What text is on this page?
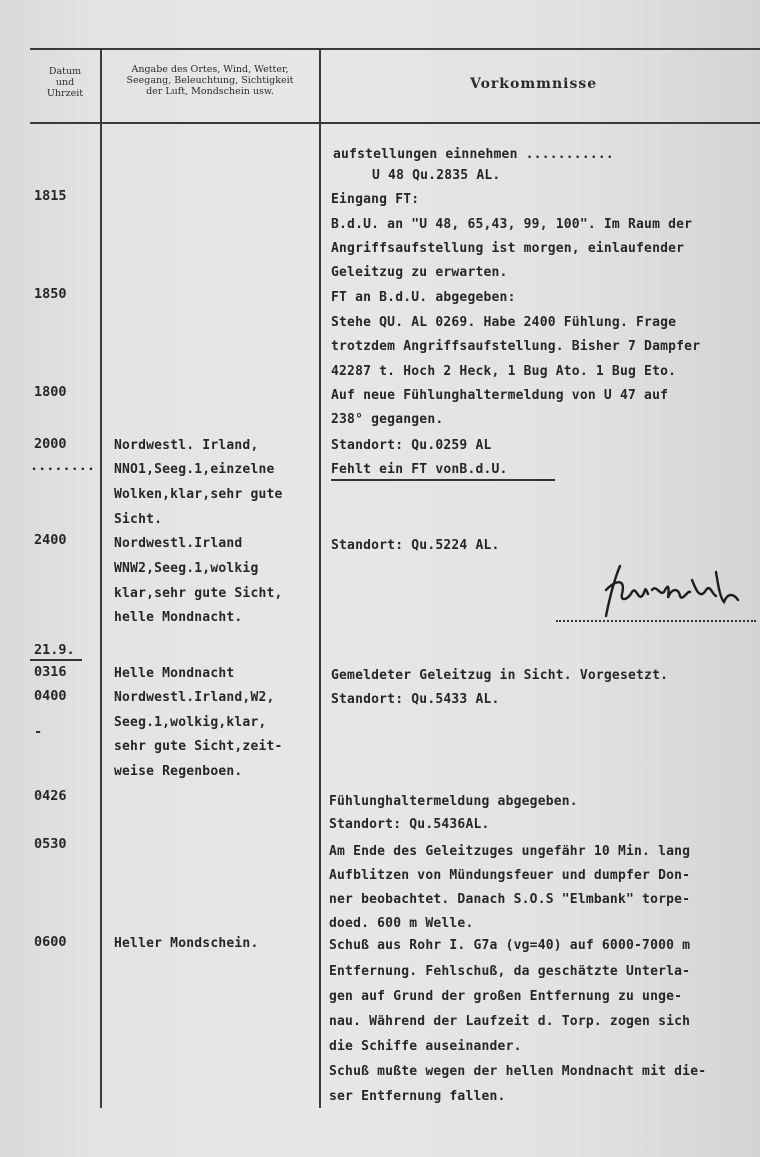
Datum
und
Uhrzeit
Angabe des Ortes, Wind, Wetter,
Seegang, Beleuchtung, Sichtigkeit
der Luft, Mondschein usw.	Vorkommnisse
1815
1850
1800
2000
........
2400
21.9.
0316
0400
-
0426
0530
0600
Nordwestl. Irland,
NNO1,Seeg.1,einzelne
Wolken,klar,sehr gute
Sicht.
Nordwestl.Irland
WNW2,Seeg.1,wolkig
klar,sehr gute Sicht,
helle Mondnacht.
Helle Mondnacht
Nordwestl.Irland,W2,
Seeg.1,wolkig,klar,
sehr gute Sicht,zeit-
weise Regenboen.
Heller Mondschein.
aufstellungen einnehmen ...........
U 48 Qu.2835 AL.
Eingang FT:
B.d.U. an "U 48, 65,43, 99, 100". Im Raum der
Angriffsaufstellung ist morgen, einlaufender
Geleitzug zu erwarten.
FT an B.d.U. abgegeben:
Stehe QU. AL 0269. Habe 2400 Fühlung. Frage
trotzdem Angriffsaufstellung. Bisher 7 Dampfer
42287 t. Hoch 2 Heck, 1 Bug Ato. 1 Bug Eto.
Auf neue Fühlunghaltermeldung von U 47 auf
238° gegangen.
Standort: Qu.0259 AL
Fehlt ein FT vonB.d.U.
Standort: Qu.5224 AL.
Gemeldeter Geleitzug in Sicht. Vorgesetzt.
Standort: Qu.5433 AL.
Fühlunghaltermeldung abgegeben.
Standort: Qu.5436AL.
Am Ende des Geleitzuges ungefähr 10 Min. lang
Aufblitzen von Mündungsfeuer und dumpfer Don-
ner beobachtet. Danach S.O.S "Elmbank" torpe-
doed. 600 m Welle.
Schuß aus Rohr I. G7a (vg=40) auf 6000-7000 m
Entfernung. Fehlschuß, da geschätzte Unterla-
gen auf Grund der großen Entfernung zu unge-
nau. Während der Laufzeit d. Torp. zogen sich
die Schiffe auseinander.
Schuß mußte wegen der hellen Mondnacht mit die-
ser Entfernung fallen.
